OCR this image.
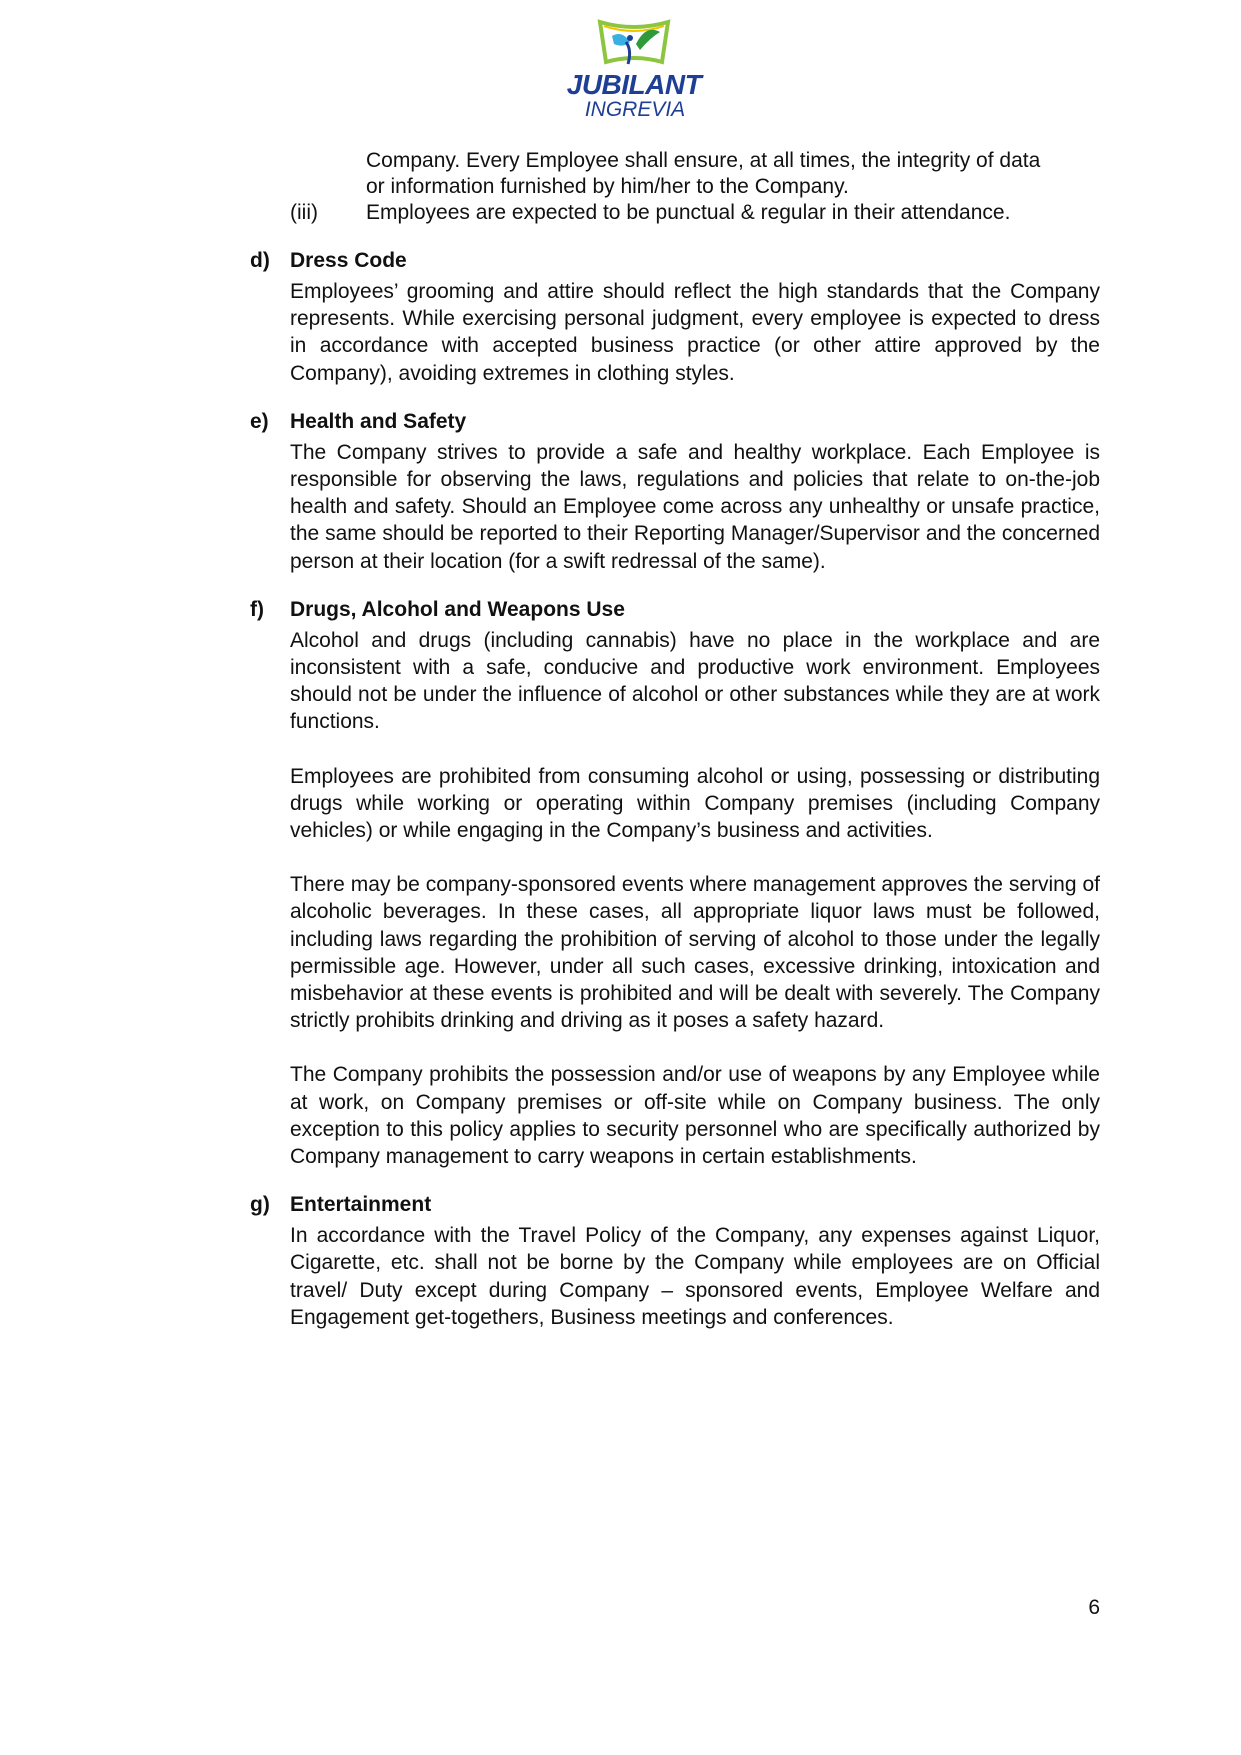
JUBILANT
INGREVIA
Company. Every Employee shall ensure, at all times, the integrity of data
or information furnished by him/her to the Company.
(iii)	Employees are expected to be punctual & regular in their attendance.
d) Dress Code

Employees’ grooming and attire should reflect the high standards that the Company represents. While exercising personal judgment, every employee is expected to dress in accordance with accepted business practice (or other attire approved by the Company), avoiding extremes in clothing styles.

e)	Health and Safety

The Company strives to provide a safe and healthy workplace. Each Employee is responsible for observing the laws, regulations and policies that relate to on-the-job health and safety. Should an Employee come across any unhealthy or unsafe practice, the same should be reported to their Reporting Manager/Supervisor and the concerned person at their location (for a swift redressal of the same).

f)	Drugs, Alcohol and Weapons Use

Alcohol and drugs (including cannabis) have no place in the workplace and are inconsistent with a safe, conducive and productive work environment. Employees should not be under the influence of alcohol or other substances while they are at work functions.

Employees are prohibited from consuming alcohol or using, possessing or distributing drugs while working or operating within Company premises (including Company vehicles) or while engaging in the Company’s business and activities.

There may be company-sponsored events where management approves the serving of alcoholic beverages. In these cases, all appropriate liquor laws must be followed, including laws regarding the prohibition of serving of alcohol to those under the legally permissible age. However, under all such cases, excessive drinking, intoxication and misbehavior at these events is prohibited and will be dealt with severely. The Company strictly prohibits drinking and driving as it poses a safety hazard.

The Company prohibits the possession and/or use of weapons by any Employee while at work, on Company premises or off-site while on Company business. The only exception to this policy applies to security personnel who are specifically authorized by Company management to carry weapons in certain establishments.

g) Entertainment

In accordance with the Travel Policy of the Company, any expenses against Liquor, Cigarette, etc. shall not be borne by the Company while employees are on Official travel/ Duty except during Company – sponsored events, Employee Welfare and Engagement get-togethers, Business meetings and conferences.

6
